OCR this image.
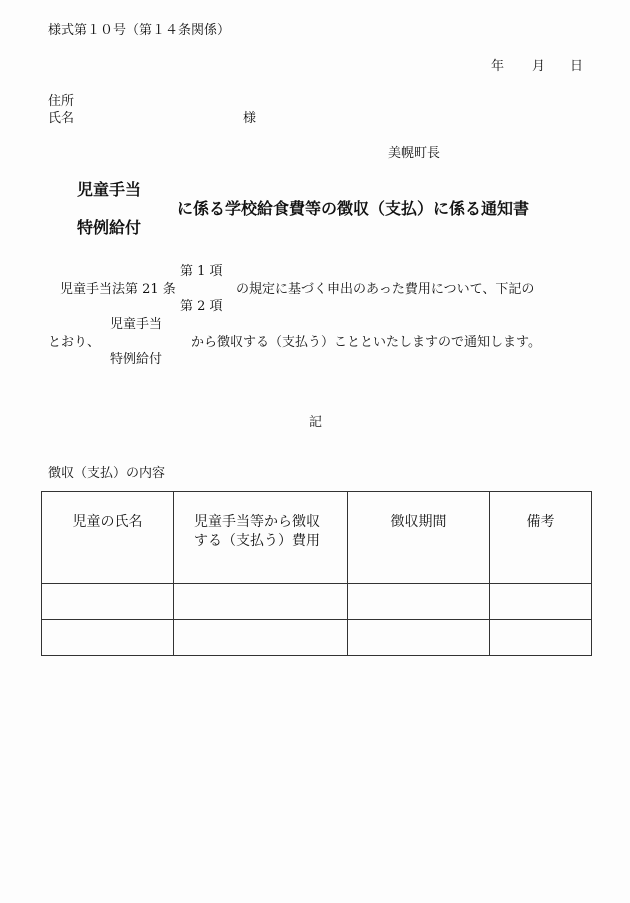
様式第１０号（第１４条関係）
年 月 日
住所
氏名	様
美幌町長
児童手当
に係る学校給食費等の徴収（支払）に係る通知書
特例給付
第 1 項
児童手当法第 21 条	の規定に基づく申出のあった費用について、下記の
第 2 項
児童手当
とおり、	から徴収する（支払う）ことといたしますので通知します。
特例給付
記
徴収（支払）の内容
児童の氏名	児童手当等から徴収
する（支払う）費用	徴収期間	備考
